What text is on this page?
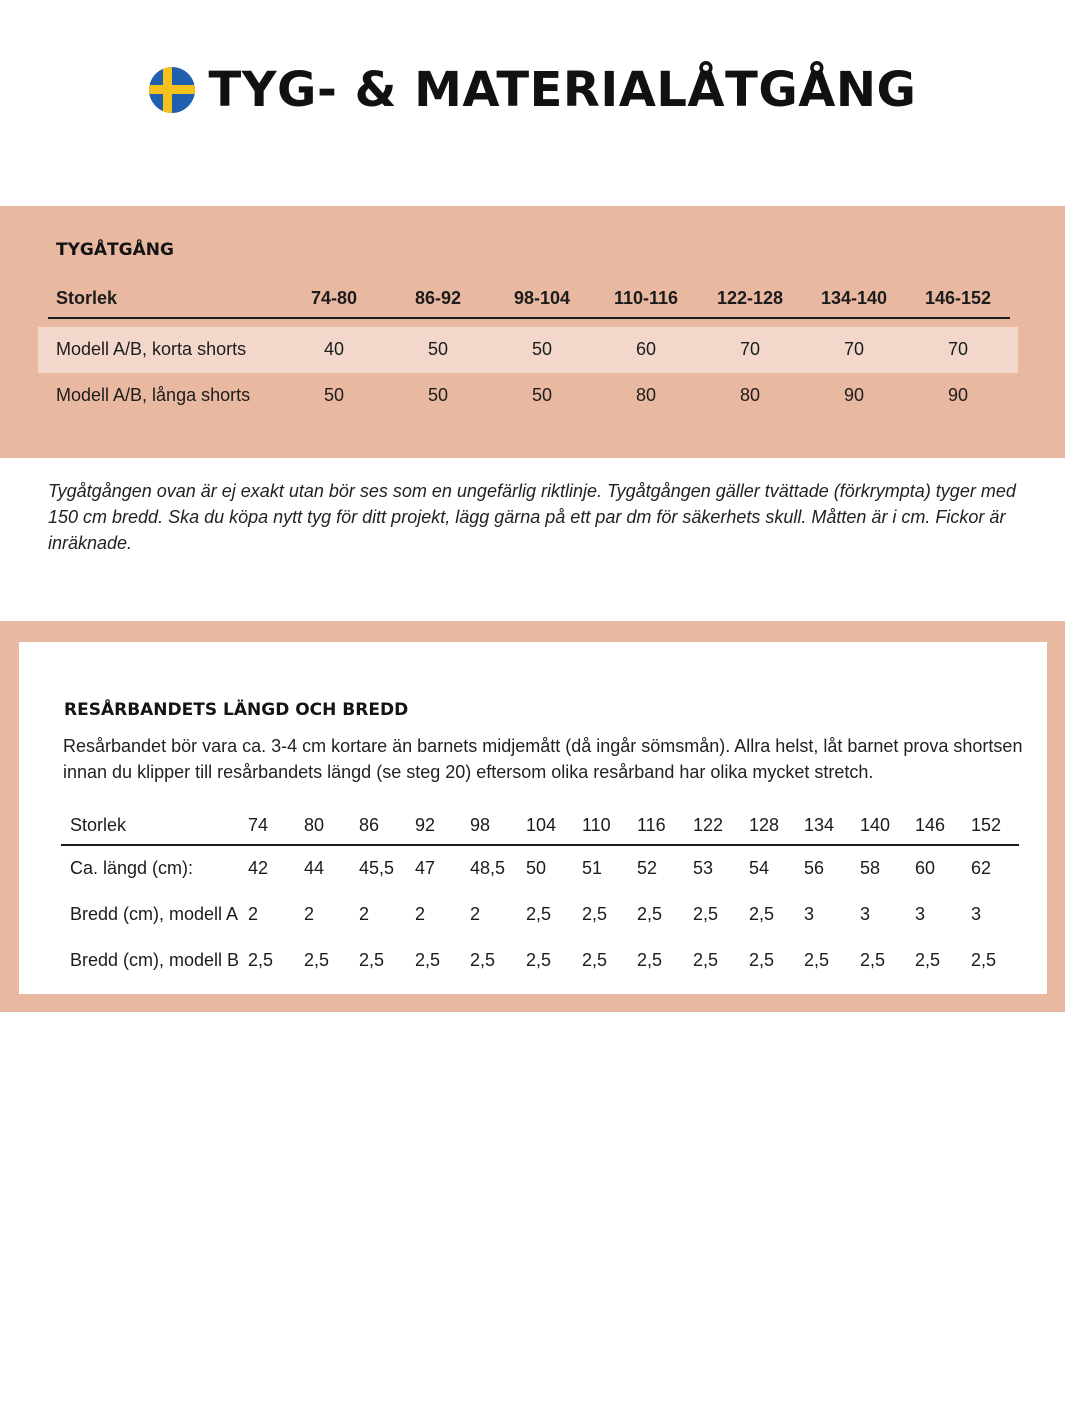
TYG- & MATERIALÅTGÅNG
TYGÅTGÅNG
Storlek	74-80	86-92	98-104	110-116	122-128	134-140	146-152
Modell A/B, korta shorts	40	50	50	60	70	70	70
Modell A/B, långa shorts	50	50	50	80	80	90	90
Tygåtgången ovan är ej exakt utan bör ses som en ungefärlig riktlinje. Tygåtgången gäller tvättade (förkrympta) tyger med 150 cm bredd. Ska du köpa nytt tyg för ditt projekt, lägg gärna på ett par dm för säkerhets skull. Måtten är i cm. Fickor är inräknade.
RESÅRBANDETS LÄNGD OCH BREDD
Resårbandet bör vara ca. 3-4 cm kortare än barnets midjemått (då ingår sömsmån). Allra helst, låt barnet prova shortsen innan du klipper till resårbandets längd (se steg 20) eftersom olika resårband har olika mycket stretch.
Storlek	74 80 86 92 98 104 110 116 122 128 134 140 146 152
Ca. längd (cm):	42 44 45,5 47 48,5 50 51 52 53 54 56 58 60 62
Bredd (cm), modell A 2	2 2	2 2	2,5 2,5 2,5 2,5 2,5 3	3 3	3
Bredd (cm), modell B 2,5 2,5 2,5 2,5 2,5 2,5 2,5 2,5 2,5 2,5 2,5 2,5 2,5 2,5
